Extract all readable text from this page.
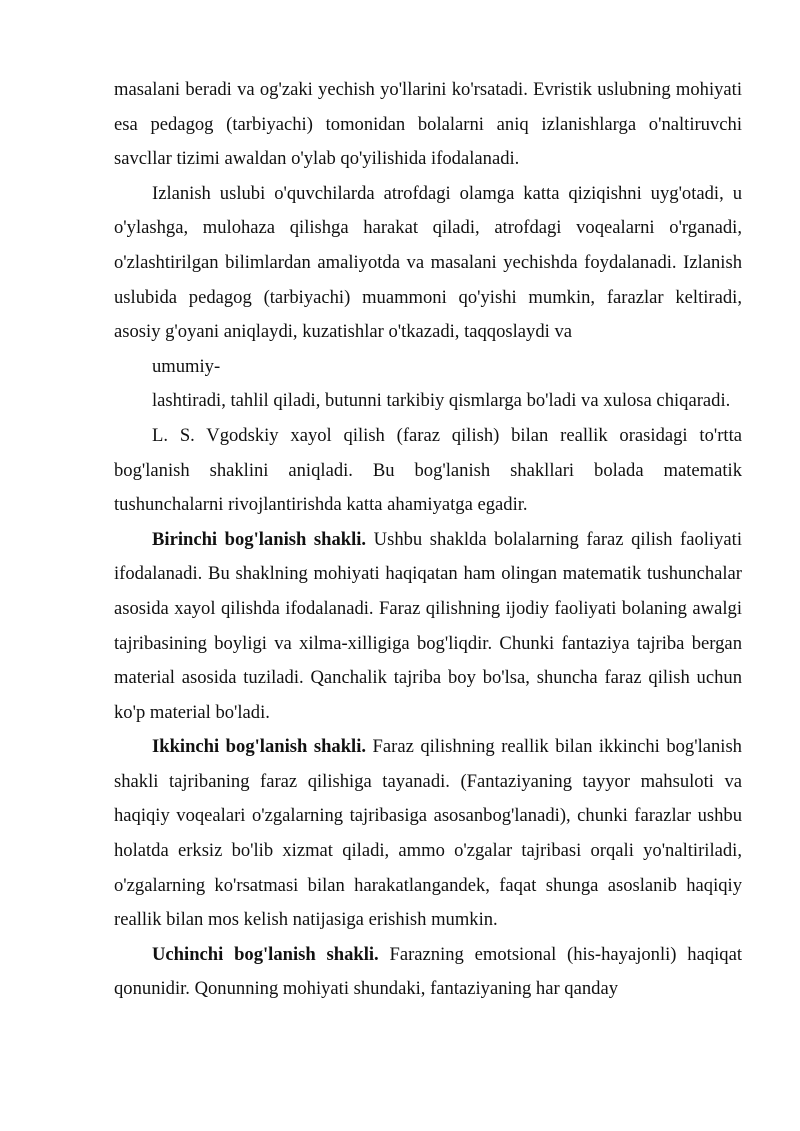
masalani beradi va og'zaki yechish yo'llarini ko'rsatadi. Evristik uslubning mohiyati esa pedagog (tarbiyachi) tomonidan bolalarni aniq izlanishlarga o'naltiruvchi savcllar tizimi awaldan o'ylab qo'yilishida ifodalanadi.

Izlanish uslubi o'quvchilarda atrofdagi olamga katta qiziqishni uyg'otadi, u o'ylashga, mulohaza qilishga harakat qiladi, atrofdagi voqealarni o'rganadi, o'zlashtirilgan bilimlardan amaliyotda va masalani yechishda foydalanadi. Izlanish uslubida pedagog (tarbiyachi) muammoni qo'yishi mumkin, farazlar keltiradi, asosiy g'oyani aniqlaydi, kuzatishlar o'tkazadi, taqqoslaydi va
umumiy-
lashtiradi, tahlil qiladi, butunni tarkibiy qismlarga bo'ladi va xulosa chiqaradi.

L. S. Vgodskiy xayol qilish (faraz qilish) bilan reallik orasidagi to'rtta bog'lanish shaklini aniqladi. Bu bog'lanish shakllari bolada matematik tushunchalarni rivojlantirishda katta ahamiyatga egadir.

Birinchi bog'lanish shakli. Ushbu shaklda bolalarning faraz qilish faoliyati ifodalanadi. Bu shaklning mohiyati haqiqatan ham olingan matematik tushunchalar asosida xayol qilishda ifodalanadi. Faraz qilishning ijodiy faoliyati bolaning awalgi tajribasining boyligi va xilma-xilligiga bog'liqdir. Chunki fantaziya tajriba bergan material asosida tuziladi. Qanchalik tajriba boy bo'lsa, shuncha faraz qilish uchun ko'p material bo'ladi.

Ikkinchi bog'lanish shakli. Faraz qilishning reallik bilan ikkinchi bog'lanish shakli tajribaning faraz qilishiga tayanadi. (Fantaziyaning tayyor mahsuloti va haqiqiy voqealari o'zgalarning tajribasiga asosanbog'lanadi), chunki farazlar ushbu holatda erksiz bo'lib xizmat qiladi, ammo o'zgalar tajribasi orqali yo'naltiriladi, o'zgalarning ko'rsatmasi bilan harakatlangandek, faqat shunga asoslanib haqiqiy reallik bilan mos kelish natijasiga erishish mumkin.

Uchinchi bog'lanish shakli. Farazning emotsional (his-hayajonli) haqiqat qonunidir. Qonunning mohiyati shundaki, fantaziyaning har qanday
